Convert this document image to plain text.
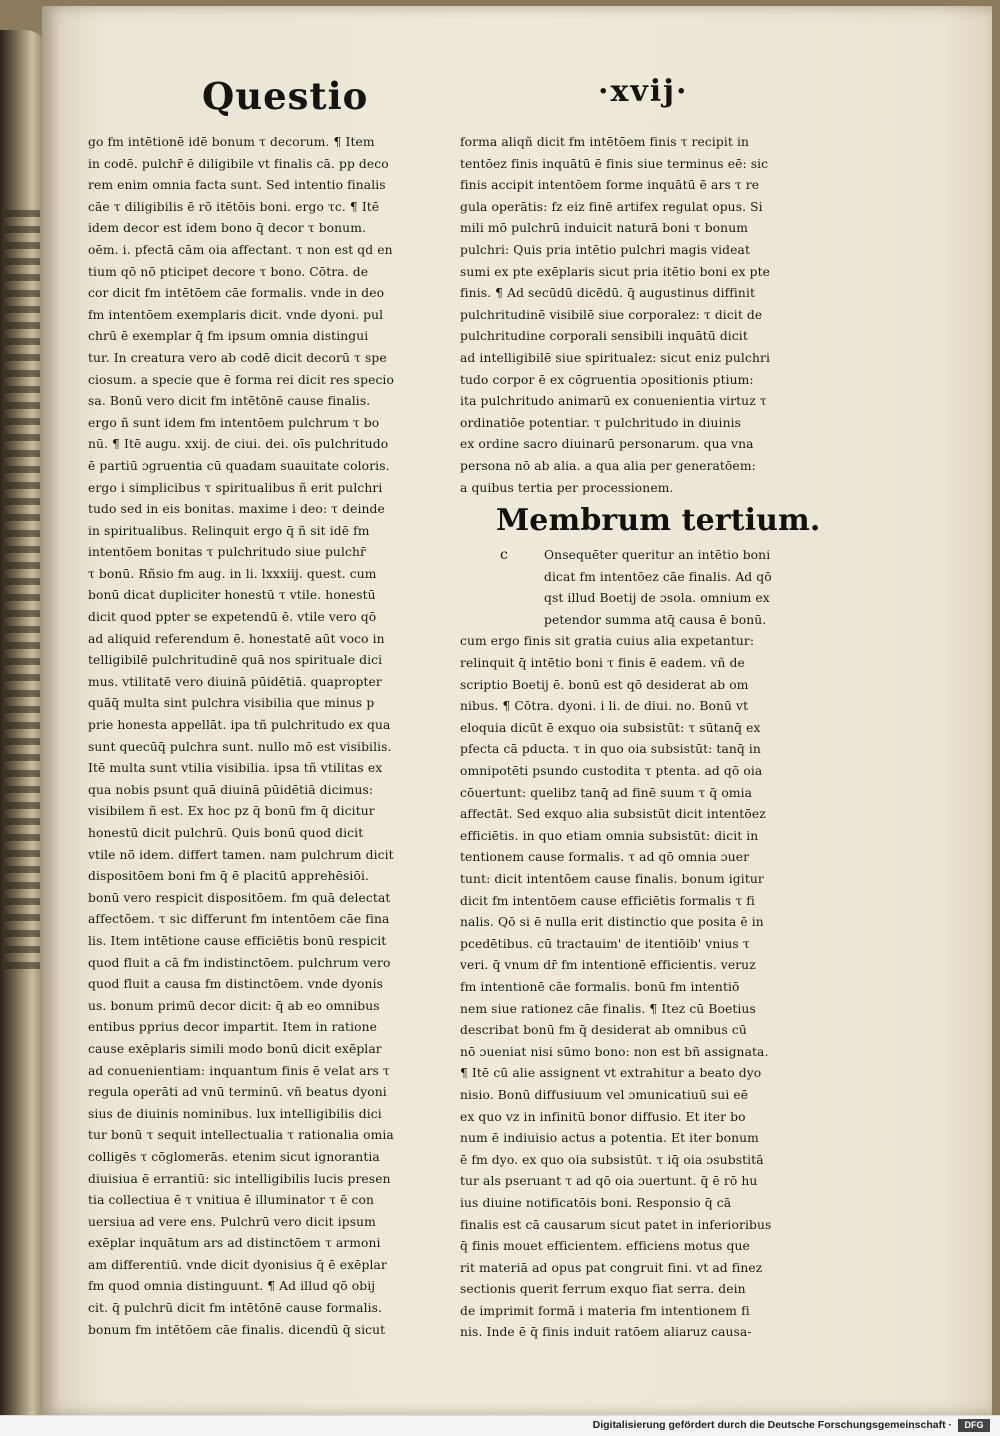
Questio	·xvij·

go fm intētionē idē bonum τ decorum. ¶ Item

in codē. pulchr̄ ē diligibile vt finalis cā. pp deco

rem enim omnia facta sunt. Sed intentio finalis

cāe τ diligibilis ē rō itētōis boni. ergo τc. ¶ Itē

idem decor est idem bono q̄ decor τ bonum.

oēm. i. pfectā cām oia affectant. τ non est qd en

tium qō nō pticipet decore τ bono. Cōtra. de

cor dicit fm intētōem cāe formalis. vnde in deo

fm intentōem exemplaris dicit. vnde dyoni. pul

chrū ē exemplar q̄ fm ipsum omnia distingui

tur. In creatura vero ab codē dicit decorū τ spe

ciosum. a specie que ē forma rei dicit res specio

sa. Bonū vero dicit fm intētōnē cause finalis.

ergo ñ sunt idem fm intentōem pulchrum τ bo

nū. ¶ Itē augu. xxij. de ciui. dei. oīs pulchritudo

ē partiū ɔgruentia cū quadam suauitate coloris.

ergo i simplicibus τ spiritualibus ñ erit pulchri

tudo sed in eis bonitas. maxime i deo: τ deinde

in spiritualibus. Relinquit ergo q̄ ñ sit idē fm

intentōem bonitas τ pulchritudo siue pulchr̄

τ bonū. Rñsio fm aug. in li. lxxxiij. quest. cum

bonū dicat dupliciter honestū τ vtile. honestū

dicit quod ppter se expetendū ē. vtile vero qō

ad aliquid referendum ē. honestatē aūt voco in

telligibilē pulchritudinē quā nos spirituale dici

mus. vtilitatē vero diuinā pūidētiā. quapropter

quāq̄ multa sint pulchra visibilia que minus p

prie honesta appellāt. ipa tñ pulchritudo ex qua

sunt quecūq̄ pulchra sunt. nullo mō est visibilis.

Itē multa sunt vtilia visibilia. ipsa tñ vtilitas ex

qua nobis psunt quā diuinā pūidētiā dicimus:

visibilem ñ est. Ex hoc pz q̄ bonū fm q̄ dicitur

honestū dicit pulchrū. Quis bonū quod dicit

vtile nō idem. differt tamen. nam pulchrum dicit

dispositōem boni fm q̄ ē placitū apprehēsiōi.

bonū vero respicit dispositōem. fm quā delectat

affectōem. τ sic differunt fm intentōem cāe fina

lis. Item intētione cause efficiētis bonū respicit

quod fluit a cā fm indistinctōem. pulchrum vero

quod fluit a causa fm distinctōem. vnde dyonis

us. bonum primū decor dicit: q̄ ab eo omnibus

entibus pprius decor impartit. Item in ratione

cause exēplaris simili modo bonū dicit exēplar

ad conuenientiam: inquantum finis ē velat ars τ

regula operāti ad vnū terminū. vñ beatus dyoni

sius de diuinis nominibus. lux intelligibilis dici

tur bonū τ sequit intellectualia τ rationalia omia

colligēs τ cōglomerās. etenim sicut ignorantia

diuisiua ē errantiū: sic intelligibilis lucis presen

tia collectiua ē τ vnitiua ē illuminator τ ē con

uersiua ad vere ens. Pulchrū vero dicit ipsum

exēplar inquātum ars ad distinctōem τ armoni

am differentiū. vnde dicit dyonisius q̄ ē exēplar

fm quod omnia distinguunt. ¶ Ad illud qō obij

cit. q̄ pulchrū dicit fm intētōnē cause formalis.

bonum fm intētōem cāe finalis. dicendū q̄ sicut

forma aliqñ dicit fm intētōem finis τ recipit in

tentōez finis inquātū ē finis siue terminus eē: sic

finis accipit intentōem forme inquātū ē ars τ re

gula operātis: fz eiz finē artifex regulat opus. Si

mili mō pulchrū induicit naturā boni τ bonum

pulchri: Quis pria intētio pulchri magis videat

sumi ex pte exēplaris sicut pria itētio boni ex pte

finis. ¶ Ad secūdū dicēdū. q̄ augustinus diffinit

pulchritudinē visibilē siue corporalez: τ dicit de

pulchritudine corporali sensibili inquātū dicit

ad intelligibilē siue spiritualez: sicut eniz pulchri

tudo corpor ē ex cōgruentia ɔpositionis ptium:

ita pulchritudo animarū ex conuenientia virtuz τ

ordinatiōe potentiar. τ pulchritudo in diuinis

ex ordine sacro diuinarū personarum. qua vna

persona nō ab alia. a qua alia per generatōem:

a quibus tertia per processionem.

Membrum tertium.
c	Onsequēter queritur an intētio boni

dicat fm intentōez cāe finalis. Ad qō

qst illud Boetij de ɔsola. omnium ex

petendor summa atq̄ causa ē bonū.

cum ergo finis sit gratia cuius alia expetantur:

relinquit q̄ intētio boni τ finis ē eadem. vñ de

scriptio Boetij ē. bonū est qō desiderat ab om

nibus. ¶ Cōtra. dyoni. i li. de diui. no. Bonū vt

eloquia dicūt ē exquo oia subsistūt: τ sūtanq̄ ex

pfecta cā pducta. τ in quo oia subsistūt: tanq̄ in

omnipotēti psundo custodita τ ptenta. ad qō oia

cōuertunt: quelibz tanq̄ ad finē suum τ q̄ omia

affectāt. Sed exquo alia subsistūt dicit intentōez

efficiētis. in quo etiam omnia subsistūt: dicit in

tentionem cause formalis. τ ad qō omnia ɔuer

tunt: dicit intentōem cause finalis. bonum igitur

dicit fm intentōem cause efficiētis formalis τ fi

nalis. Qō si ē nulla erit distinctio que posita ē in

pcedētibus. cū tractauim' de itentiōib' vnius τ

veri. q̄ vnum dr̄ fm intentionē efficientis. veruz

fm intentionē cāe formalis. bonū fm intentiō

nem siue rationez cāe finalis. ¶ Itez cū Boetius

describat bonū fm q̄ desiderat ab omnibus cū

nō ɔueniat nisi sūmo bono: non est bñ assignata.

¶ Itē cū alie assignent vt extrahitur a beato dyo

nisio. Bonū diffusiuum vel ɔmunicatiuū sui eē

ex quo vz in infinitū bonor diffusio. Et iter bo

num ē indiuisio actus a potentia. Et iter bonum

ē fm dyo. ex quo oia subsistūt. τ iq̄ oia ɔsubstitā

tur als pseruant τ ad qō oia ɔuertunt. q̄ ē rō hu

ius diuine notificatōis boni. Responsio q̄ cā

finalis est cā causarum sicut patet in inferioribus

q̄ finis mouet efficientem. efficiens motus que

rit materiā ad opus pat congruit fini. vt ad finez

sectionis querit ferrum exquo fiat serra. dein

de imprimit formā i materia fm intentionem fi

nis. Inde ē q̄ finis induit ratōem aliaruz causa-

Digitalisierung gefördert durch die Deutsche Forschungsgemeinschaft ·	DFG
